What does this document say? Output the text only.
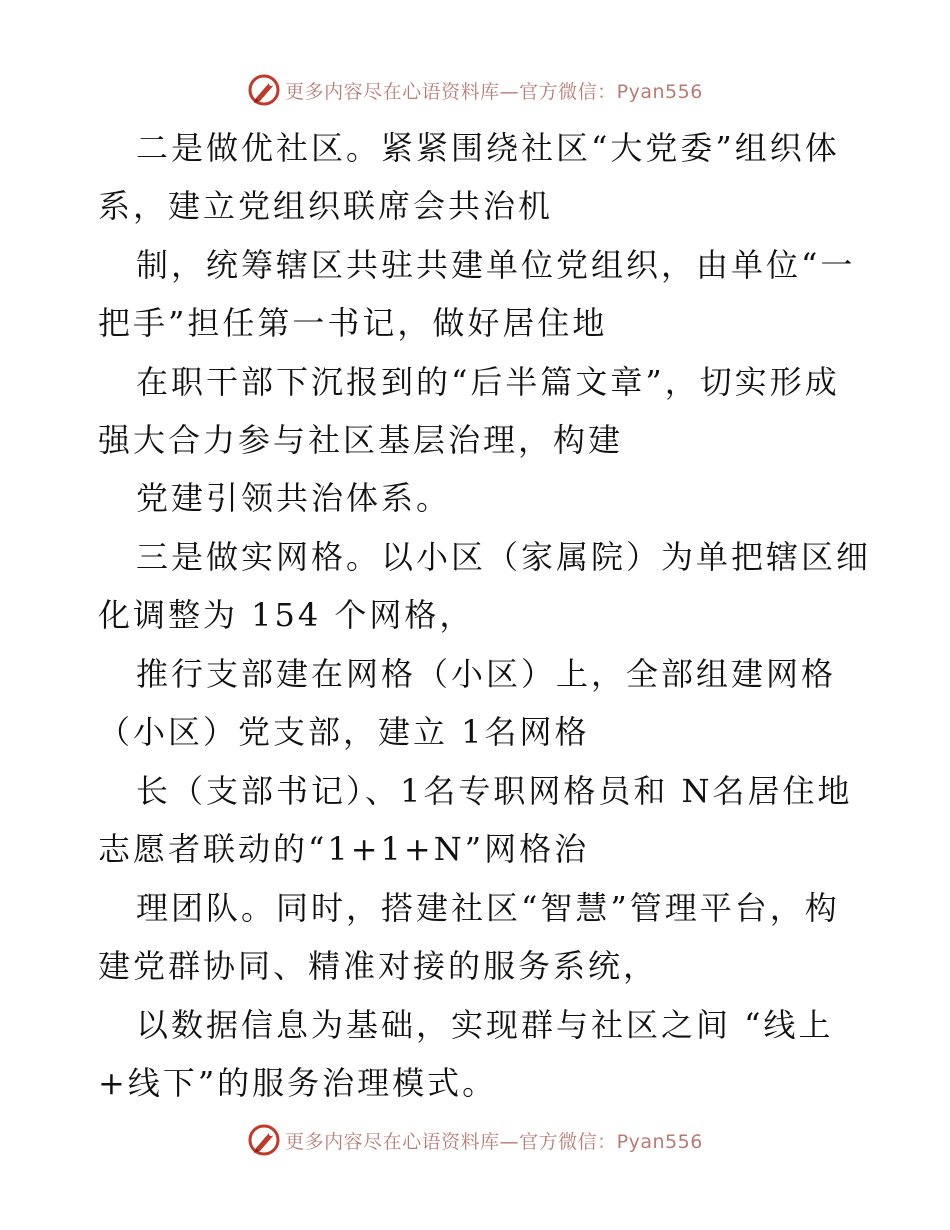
更多内容尽在心语资料库—官方微信：Pyan556
二是做优社区。紧紧围绕社区“大党委”组织体
系，建立党组织联席会共治机
制，统筹辖区共驻共建单位党组织，由单位“一
把手”担任第一书记，做好居住地
在职干部下沉报到的“后半篇文章”，切实形成
强大合力参与社区基层治理，构建
党建引领共治体系。
三是做实网格。以小区（家属院）为单把辖区细
化调整为 154 个网格，
推行支部建在网格（小区）上，全部组建网格
（小区）党支部，建立 1名网格
长（支部书记）、1名专职网格员和 N名居住地
志愿者联动的“1+1+N”网格治
理团队。同时，搭建社区“智慧”管理平台，构
建党群协同、精准对接的服务系统，
以数据信息为基础，实现群与社区之间 “线上
+线下”的服务治理模式。
更多内容尽在心语资料库—官方微信：Pyan556
